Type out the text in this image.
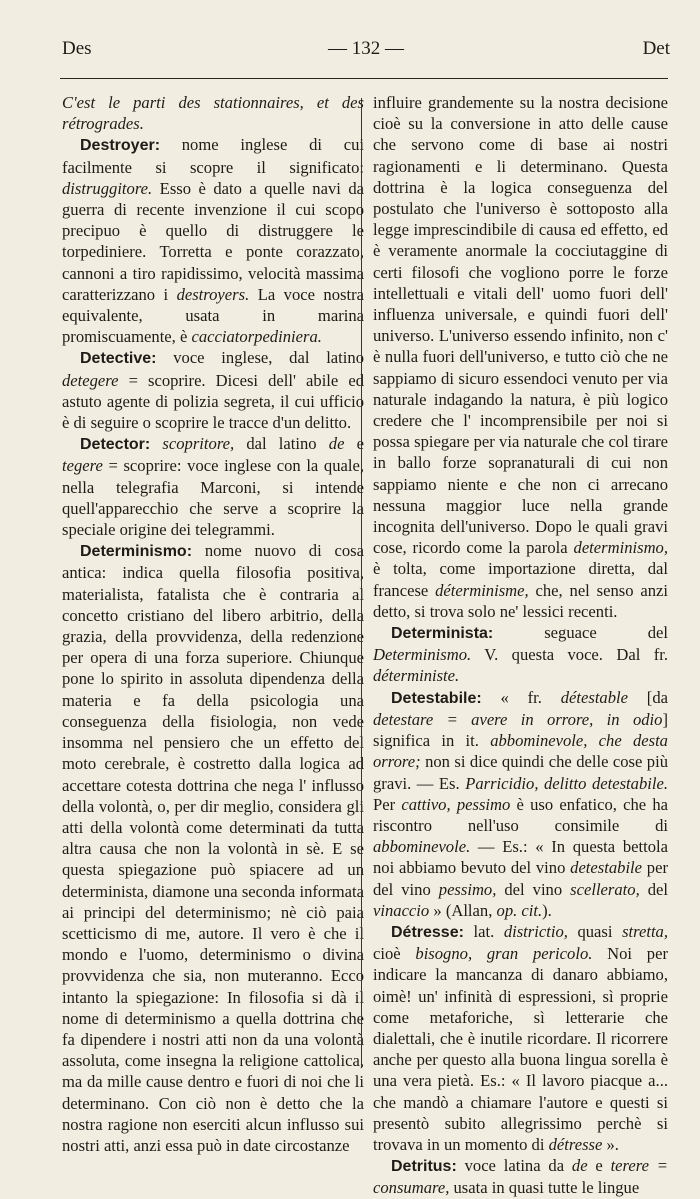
Des	— 132 —	Det

C'est le parti des stationnaires, et des rétrogrades.

Destroyer: nome inglese di cui facilmente si scopre il significato: distruggitore. Esso è dato a quelle navi da guerra di recente invenzione il cui scopo precipuo è quello di distruggere le torpediniere. Torretta e ponte corazzato, cannoni a tiro rapidissimo, velocità massima caratterizzano i destroyers. La voce nostra equivalente, usata in marina promiscuamente, è cacciatorpediniera.

Detective: voce inglese, dal latino detegere = scoprire. Dicesi dell' abile ed astuto agente di polizia segreta, il cui ufficio è di seguire o scoprire le tracce d'un delitto.

Detector: scopritore, dal latino de e tegere = scoprire: voce inglese con la quale, nella telegrafia Marconi, si intende quell'apparecchio che serve a scoprire la speciale origine dei telegrammi.

Determinismo: nome nuovo di cosa antica: indica quella filosofia positiva, materialista, fatalista che è contraria al concetto cristiano del libero arbitrio, della grazia, della provvidenza, della redenzione per opera di una forza superiore. Chiunque pone lo spirito in assoluta dipendenza della materia e fa della psicologia una conseguenza della fisiologia, non vede insomma nel pensiero che un effetto del moto cerebrale, è costretto dalla logica ad accettare cotesta dottrina che nega l' influsso della volontà, o, per dir meglio, considera gli atti della volontà come determinati da tutta altra causa che non la volontà in sè. E se questa spiegazione può spiacere ad un determinista, diamone una seconda informata ai principi del determinismo; nè ciò paia scetticismo di me, autore. Il vero è che il mondo e l'uomo, determinismo o divina provvidenza che sia, non muteranno. Ecco intanto la spiegazione: In filosofia si dà il nome di determinismo a quella dottrina che fa dipendere i nostri atti non da una volontà assoluta, come insegna la religione cattolica, ma da mille cause dentro e fuori di noi che li determinano. Con ciò non è detto che la nostra ragione non eserciti alcun influsso sui nostri atti, anzi essa può in date circostanze

influire grandemente su la nostra decisione cioè su la conversione in atto delle cause che servono come di base ai nostri ragionamenti e li determinano. Questa dottrina è la logica conseguenza del postulato che l'universo è sottoposto alla legge imprescindibile di causa ed effetto, ed è veramente anormale la cocciutaggine di certi filosofi che vogliono porre le forze intellettuali e vitali dell' uomo fuori dell' influenza universale, e quindi fuori dell' universo. L'universo essendo infinito, non c' è nulla fuori dell'universo, e tutto ciò che ne sappiamo di sicuro essendoci venuto per via naturale indagando la natura, è più logico credere che l' incomprensibile per noi si possa spiegare per via naturale che col tirare in ballo forze sopranaturali di cui non sappiamo niente e che non ci arrecano nessuna maggior luce nella grande incognita dell'universo. Dopo le quali gravi cose, ricordo come la parola determinismo, è tolta, come importazione diretta, dal francese déterminisme, che, nel senso anzi detto, si trova solo ne' lessici recenti.

Determinista: seguace del Determinismo. V. questa voce. Dal fr. déterministe.

Detestabile: « fr. détestable [da detestare = avere in orrore, in odio] significa in it. abbominevole, che desta orrore; non si dice quindi che delle cose più gravi. — Es. Parricidio, delitto detestabile. Per cattivo, pessimo è uso enfatico, che ha riscontro nell'uso consimile di abbominevole. — Es.: « In questa bettola noi abbiamo bevuto del vino detestabile per del vino pessimo, del vino scellerato, del vinaccio » (Allan, op. cit.).

Détresse: lat. districtio, quasi stretta, cioè bisogno, gran pericolo. Noi per indicare la mancanza di danaro abbiamo, oimè! un' infinità di espressioni, sì proprie come metaforiche, sì letterarie che dialettali, che è inutile ricordare. Il ricorrere anche per questo alla buona lingua sorella è una vera pietà. Es.: « Il lavoro piacque a... che mandò a chiamare l'autore e questi si presentò subito allegrissimo perchè si trovava in un momento di détresse ».

Detritus: voce latina da de e terere = consumare, usata in quasi tutte le lingue
